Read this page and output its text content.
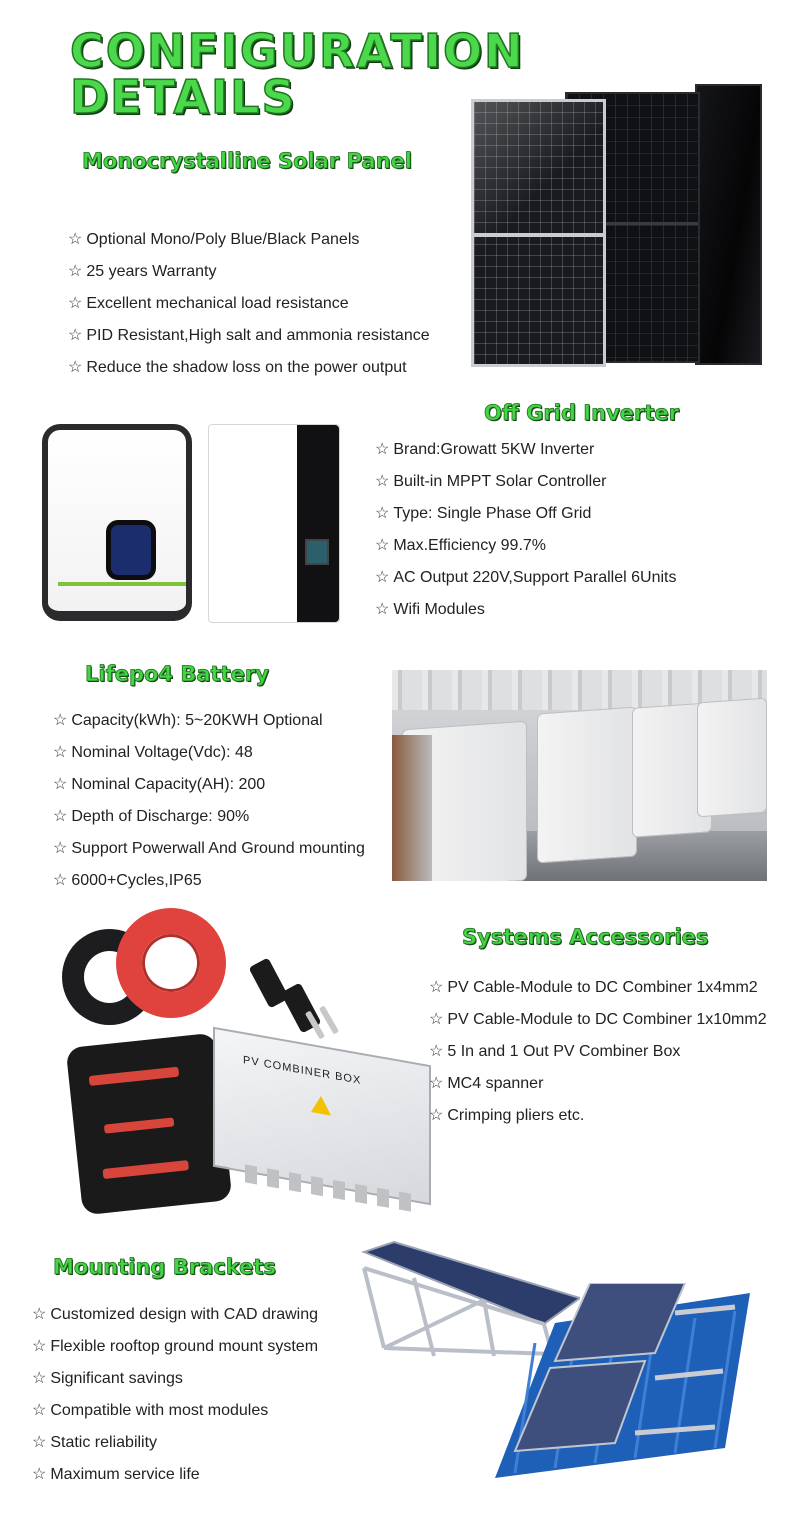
CONFIGURATION
DETAILS
Monocrystalline Solar Panel
☆ Optional Mono/Poly Blue/Black Panels
☆ 25 years Warranty
☆ Excellent mechanical load resistance
☆ PID Resistant,High salt and ammonia resistance
☆ Reduce the shadow loss on the power output
Off Grid Inverter
☆ Brand:Growatt 5KW Inverter
☆ Built-in MPPT Solar Controller
☆ Type: Single Phase Off Grid
☆ Max.Efficiency 99.7%
☆ AC Output 220V,Support Parallel 6Units
☆ Wifi Modules
Lifepo4 Battery
☆ Capacity(kWh): 5~20KWH Optional
☆ Nominal Voltage(Vdc): 48
☆ Nominal Capacity(AH): 200
☆ Depth of Discharge: 90%
☆ Support Powerwall And Ground mounting
☆ 6000+Cycles,IP65
PV COMBINER BOX
Systems Accessories
☆ PV Cable-Module to DC Combiner 1x4mm2
☆ PV Cable-Module to DC Combiner 1x10mm2
☆ 5 In and 1 Out PV Combiner Box
☆ MC4 spanner
☆ Crimping pliers etc.
Mounting Brackets
☆ Customized design with CAD drawing
☆ Flexible rooftop ground mount system
☆ Significant savings
☆ Compatible with most modules
☆ Static reliability
☆ Maximum service life
